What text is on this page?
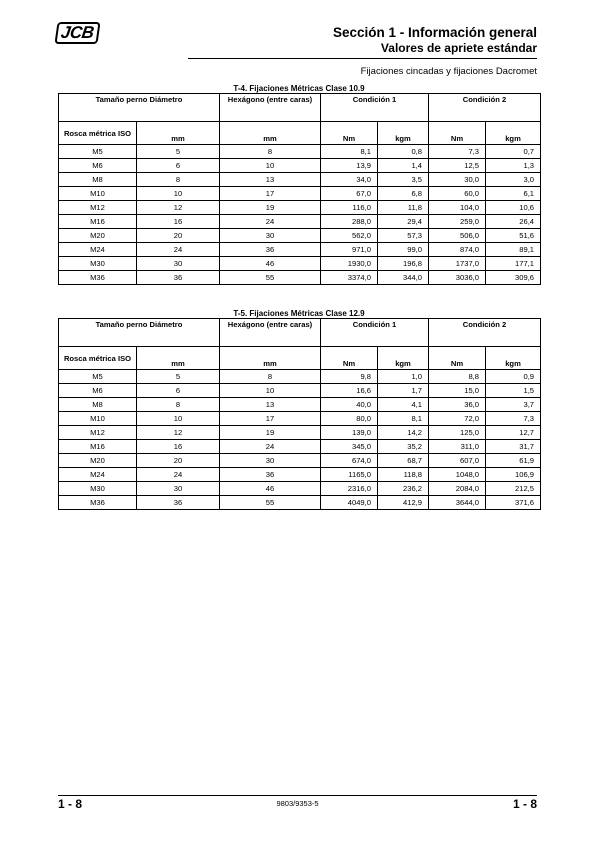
JCB	Sección 1 - Información general
Valores de apriete estándar
Fijaciones cincadas y fijaciones Dacromet
T-4. Fijaciones Métricas Clase 10.9
Tamaño perno Diámetro		Hexágono (entre caras)	Condición 1		Condición 2	
Rosca métrica ISO	mm	mm	Nm	kgm	Nm	kgm
M5	5	8	8,1	0,8	7,3	0,7
M6	6	10	13,9	1,4	12,5	1,3
M8	8	13	34,0	3,5	30,0	3,0
M10	10	17	67,0	6,8	60,0	6,1
M12	12	19	116,0	11,8	104,0	10,6
M16	16	24	288,0	29,4	259,0	26,4
M20	20	30	562,0	57,3	506,0	51,6
M24	24	36	971,0	99,0	874,0	89,1
M30	30	46	1930,0	196,8	1737,0	177,1
M36	36	55	3374,0	344,0	3036,0	309,6
T-5. Fijaciones Métricas Clase 12.9
Tamaño perno Diámetro		Hexágono (entre caras)	Condición 1		Condición 2	
Rosca métrica ISO	mm	mm	Nm	kgm	Nm	kgm
M5	5	8	9,8	1,0	8,8	0,9
M6	6	10	16,6	1,7	15,0	1,5
M8	8	13	40,0	4,1	36,0	3,7
M10	10	17	80,0	8,1	72,0	7,3
M12	12	19	139,0	14,2	125,0	12,7
M16	16	24	345,0	35,2	311,0	31,7
M20	20	30	674,0	68,7	607,0	61,9
M24	24	36	1165,0	118,8	1048,0	106,9
M30	30	46	2316,0	236,2	2084,0	212,5
M36	36	55	4049,0	412,9	3644,0	371,6
1 - 8	9803/9353-5	1 - 8
